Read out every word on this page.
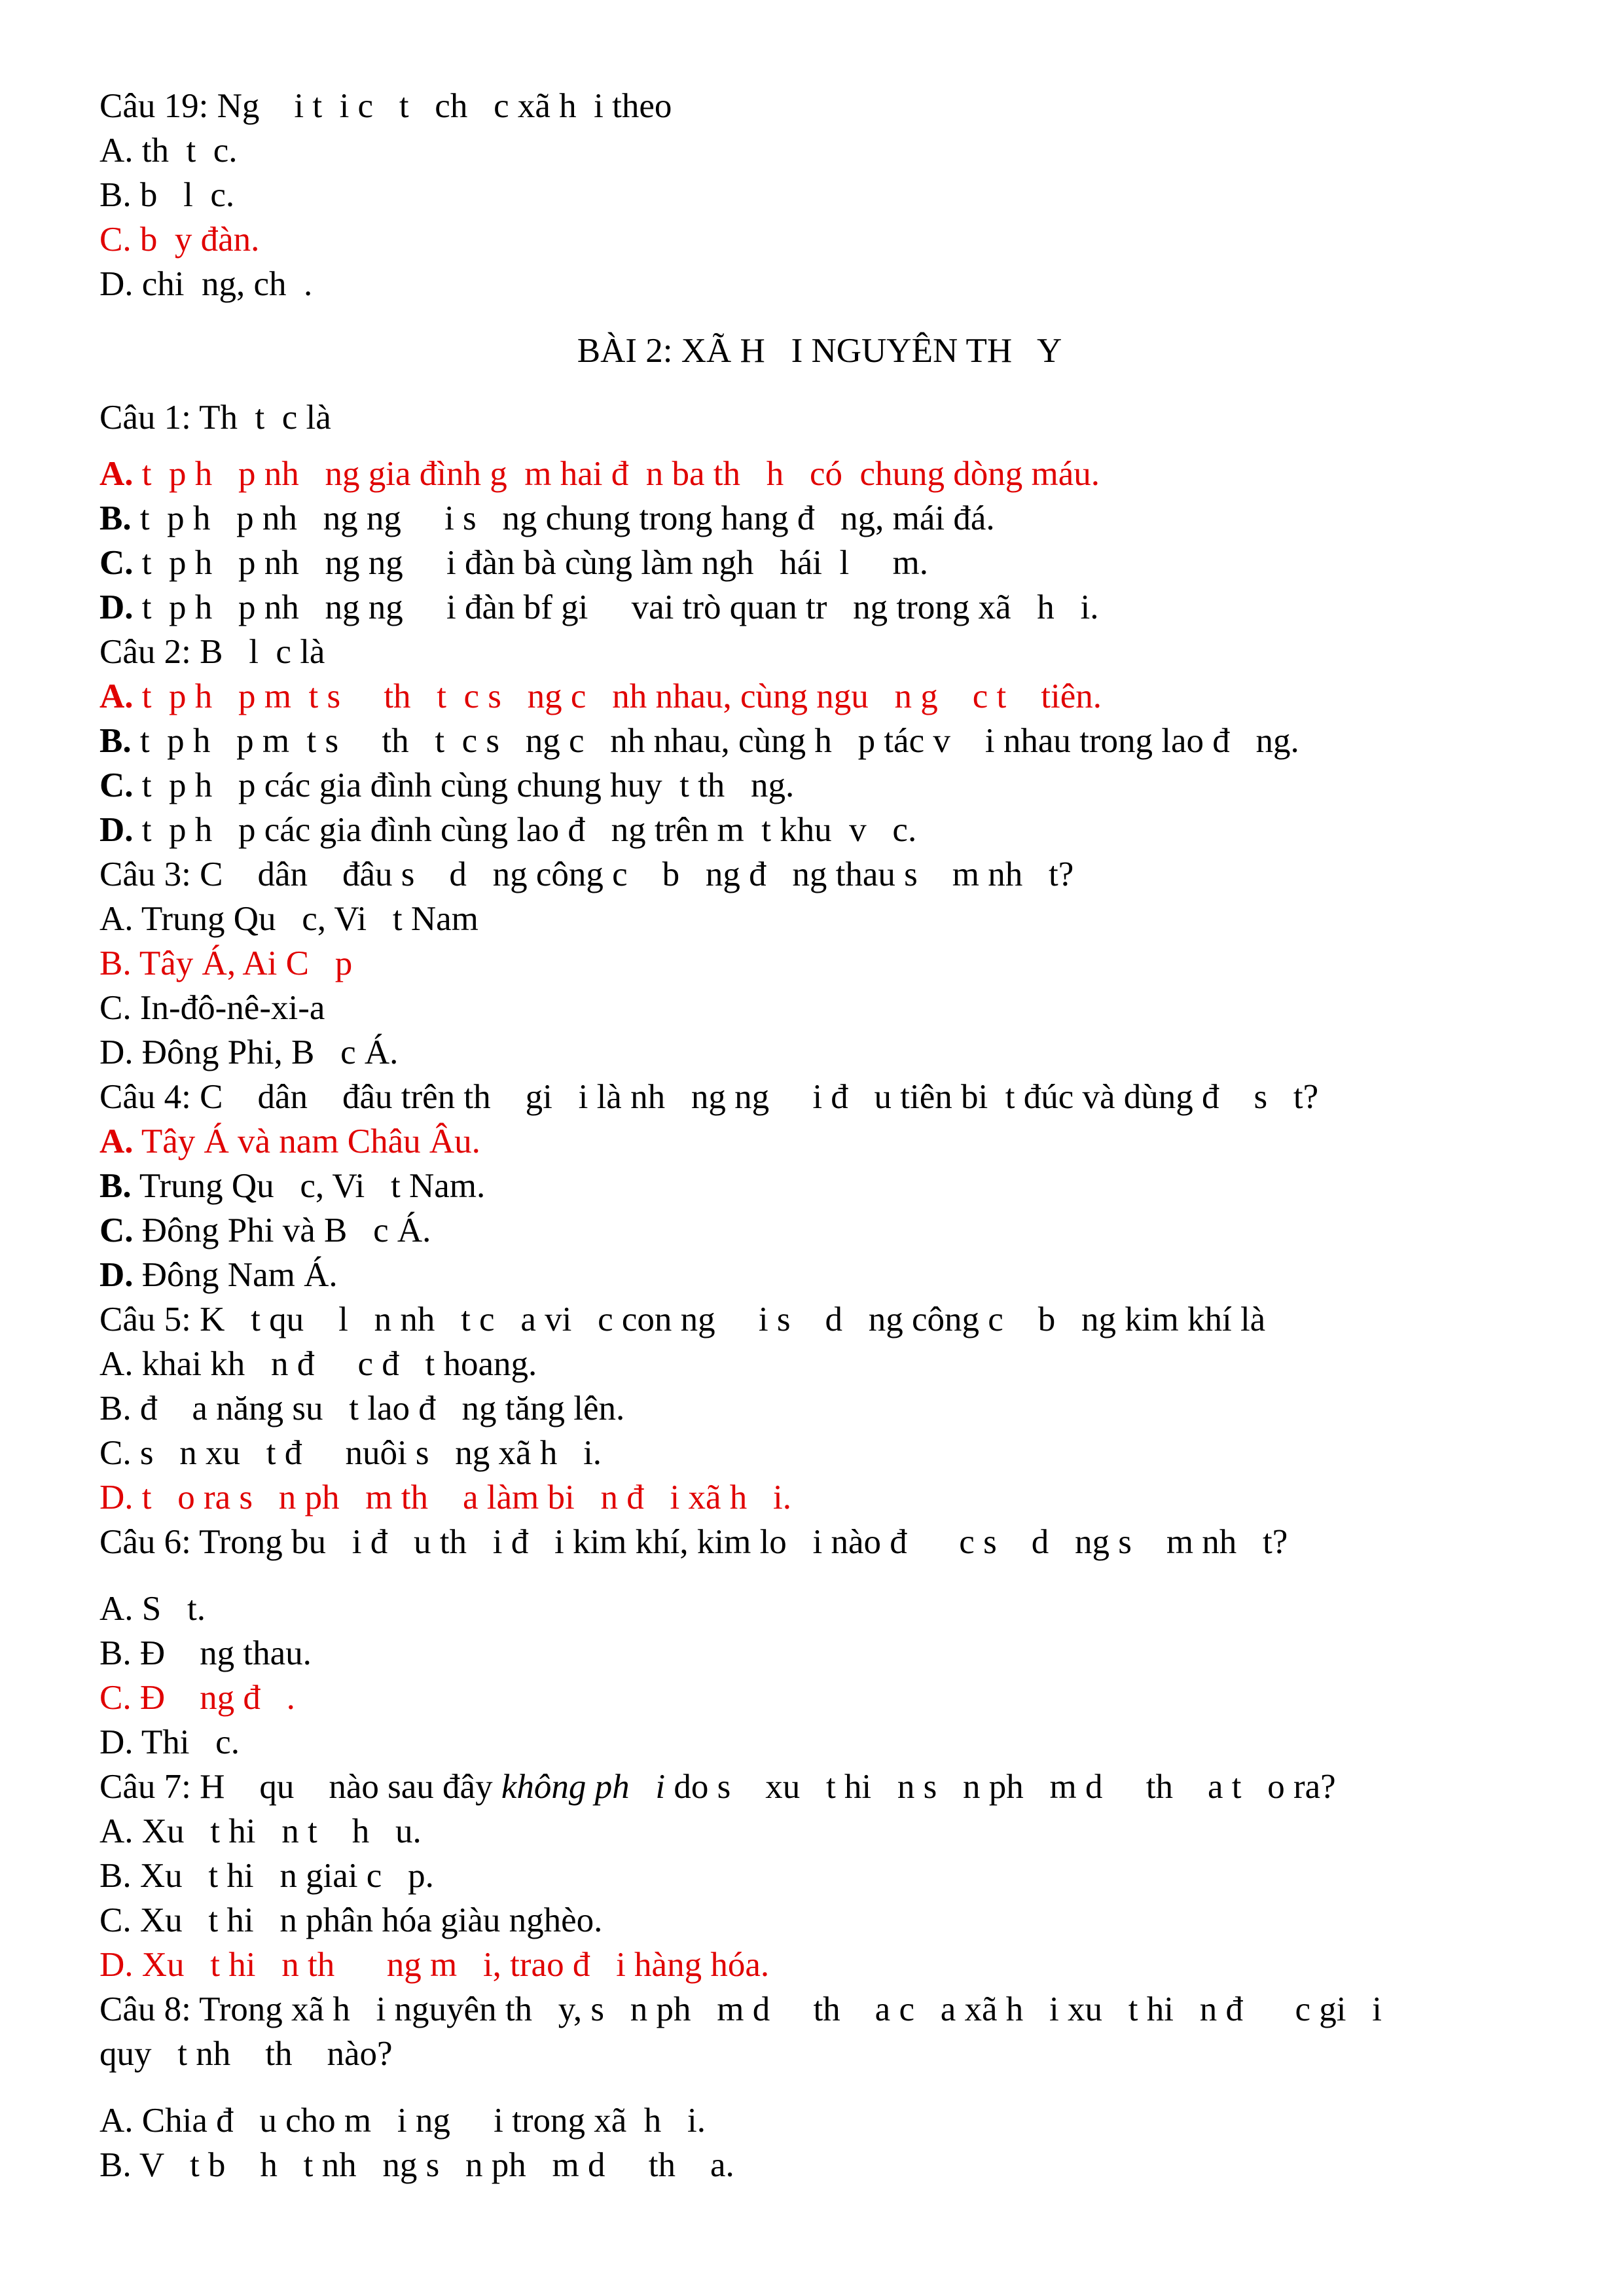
Câu 19: Ng    i t  i c   t   ch   c xã h  i theo
A. th  t  c.
B. b   l  c.
C. b  y đàn.
D. chi  ng, ch  .
BÀI 2: XÃ H   I NGUYÊN TH   Y
Câu 1: Th  t  c là
A. t  p h   p nh   ng gia đình g  m hai đ  n ba th   h   có  chung dòng máu.
B. t  p h   p nh   ng ng     i s   ng chung trong hang đ   ng, mái đá.
C. t  p h   p nh   ng ng     i đàn bà cùng làm ngh   hái  l     m.
D. t  p h   p nh   ng ng     i đàn bf gi     vai trò quan tr   ng trong xã   h   i.
Câu 2: B   l  c là
A. t  p h   p m  t s     th   t  c s   ng c   nh nhau, cùng ngu   n g    c t    tiên.
B. t  p h   p m  t s     th   t  c s   ng c   nh nhau, cùng h   p tác v    i nhau trong lao đ   ng.
C. t  p h   p các gia đình cùng chung huy  t th   ng.
D. t  p h   p các gia đình cùng lao đ   ng trên m  t khu  v   c.
Câu 3: C    dân    đâu s    d   ng công c    b   ng đ   ng thau s    m nh   t?
A. Trung Qu   c, Vi   t Nam
B. Tây Á, Ai C   p
C. In-đô-nê-xi-a
D. Đông Phi, B   c Á.
Câu 4: C    dân    đâu trên th    gi   i là nh   ng ng     i đ   u tiên bi  t đúc và dùng đ    s   t?
A. Tây Á và nam Châu Âu.
B. Trung Qu   c, Vi   t Nam.
C. Đông Phi và B   c Á.
D. Đông Nam Á.
Câu 5: K   t qu    l   n nh   t c   a vi   c con ng     i s    d   ng công c    b   ng kim khí là
A. khai kh   n đ     c đ   t hoang.
B. đ    a năng su   t lao đ   ng tăng lên.
C. s   n xu   t đ     nuôi s   ng xã h   i.
D. t   o ra s   n ph   m th    a làm bi   n đ   i xã h   i.
Câu 6: Trong bu   i đ   u th   i đ   i kim khí, kim lo   i nào đ      c s    d   ng s    m nh   t?
A. S   t.
B. Đ    ng thau.
C. Đ    ng đ   .
D. Thi   c.
Câu 7: H    qu    nào sau đây không ph   i do s    xu   t hi   n s   n ph   m d     th    a t   o ra?
A. Xu   t hi   n t    h   u.
B. Xu   t hi   n giai c   p.
C. Xu   t hi   n phân hóa giàu nghèo.
D. Xu   t hi   n th      ng m   i, trao đ   i hàng hóa.
Câu 8: Trong xã h   i nguyên th   y, s   n ph   m d     th    a c   a xã h   i xu   t hi   n đ      c gi   i
quy   t nh    th    nào?
A. Chia đ   u cho m   i ng     i trong xã  h   i.
B. V   t b    h   t nh   ng s   n ph   m d     th    a.
